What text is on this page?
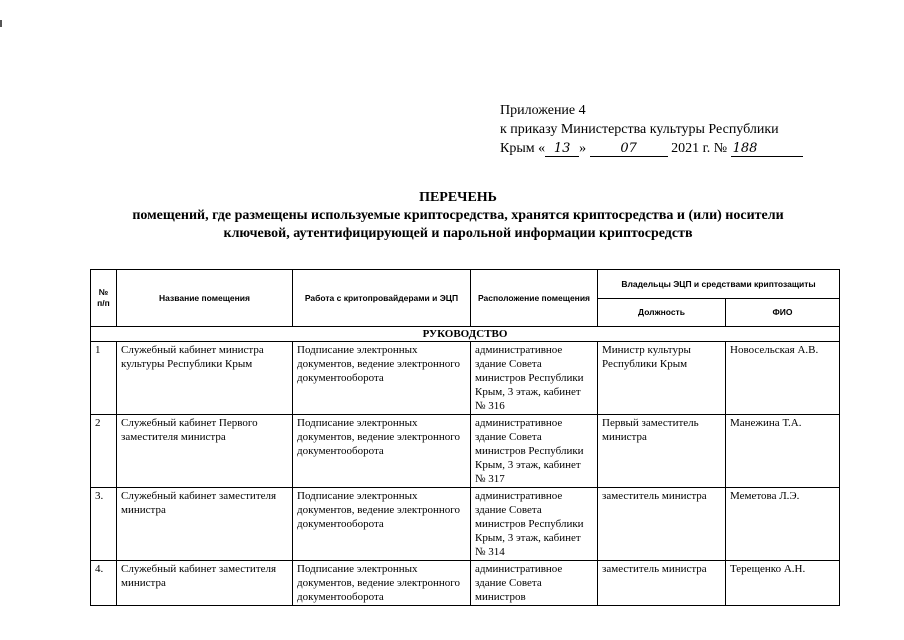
Приложение 4
к приказу Министерства культуры Республики
Крым « 13 »	07 2021 г. № 188
ПЕРЕЧЕНЬ
помещений, где размещены используемые криптосредства, хранятся криптосредства и (или) носители ключевой, аутентифицирующей и парольной информации криптосредств
№ п/п	Название помещения	Работа с критопровайдерами и ЭЦП	Расположение помещения	Владельцы ЭЦП и средствами криптозащиты	
				Должность	ФИО
РУКОВОДСТВО					
1	Служебный кабинет министра культуры Республики Крым	Подписание электронных документов, ведение электронного документооборота	административное здание Совета министров Республики Крым, 3 этаж, кабинет № 316	Министр культуры Республики Крым	Новосельская А.В.
2	Служебный кабинет Первого заместителя министра	Подписание электронных документов, ведение электронного документооборота	административное здание Совета министров Республики Крым, 3 этаж, кабинет № 317	Первый заместитель министра	Манежина Т.А.
3.	Служебный кабинет заместителя министра	Подписание электронных документов, ведение электронного документооборота	административное здание Совета министров Республики Крым, 3 этаж, кабинет № 314	заместитель министра	Меметова Л.Э.
4.	Служебный кабинет заместителя министра	Подписание электронных документов, ведение электронного документооборота	административное здание Совета министров	заместитель министра	Терещенко А.Н.
